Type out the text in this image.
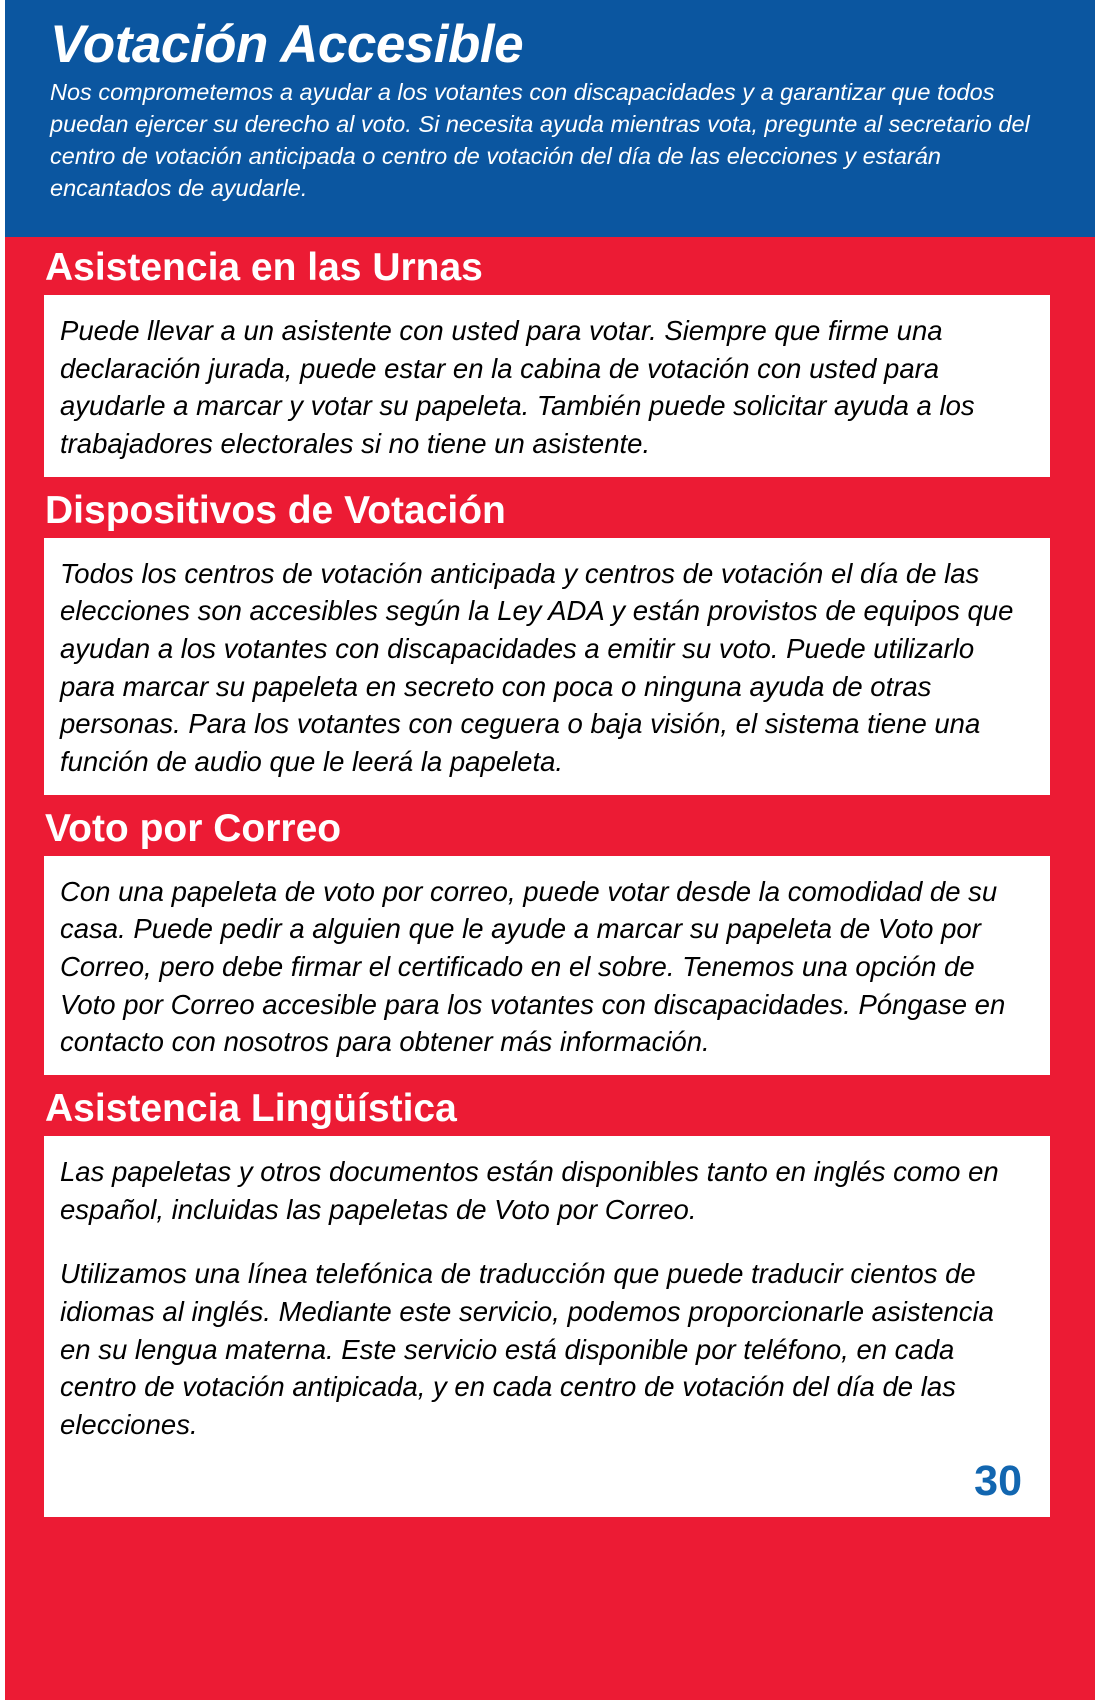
Votación Accesible

Nos comprometemos a ayudar a los votantes con discapacidades y a garantizar que todos puedan ejercer su derecho al voto. Si necesita ayuda mientras vota, pregunte al secretario del centro de votación anticipada o centro de votación del día de las elecciones y estarán encantados de ayudarle.

Asistencia en las Urnas

Puede llevar a un asistente con usted para votar. Siempre que firme una declaración jurada, puede estar en la cabina de votación con usted para ayudarle a marcar y votar su papeleta. También puede solicitar ayuda a los trabajadores electorales si no tiene un asistente.

Dispositivos de Votación

Todos los centros de votación anticipada y centros de votación el día de las elecciones son accesibles según la Ley ADA y están provistos de equipos que ayudan a los votantes con discapacidades a emitir su voto. Puede utilizarlo para marcar su papeleta en secreto con poca o ninguna ayuda de otras personas. Para los votantes con ceguera o baja visión, el sistema tiene una función de audio que le leerá la papeleta.

Voto por Correo

Con una papeleta de voto por correo, puede votar desde la comodidad de su casa. Puede pedir a alguien que le ayude a marcar su papeleta de Voto por Correo, pero debe firmar el certificado en el sobre. Tenemos una opción de Voto por Correo accesible para los votantes con discapacidades. Póngase en contacto con nosotros para obtener más información.

Asistencia Lingüística

Las papeletas y otros documentos están disponibles tanto en inglés como en español, incluidas las papeletas de Voto por Correo.

Utilizamos una línea telefónica de traducción que puede traducir cientos de idiomas al inglés. Mediante este servicio, podemos proporcionarle asistencia en su lengua materna. Este servicio está disponible por teléfono, en cada centro de votación antipicada, y en cada centro de votación del día de las elecciones.

30
